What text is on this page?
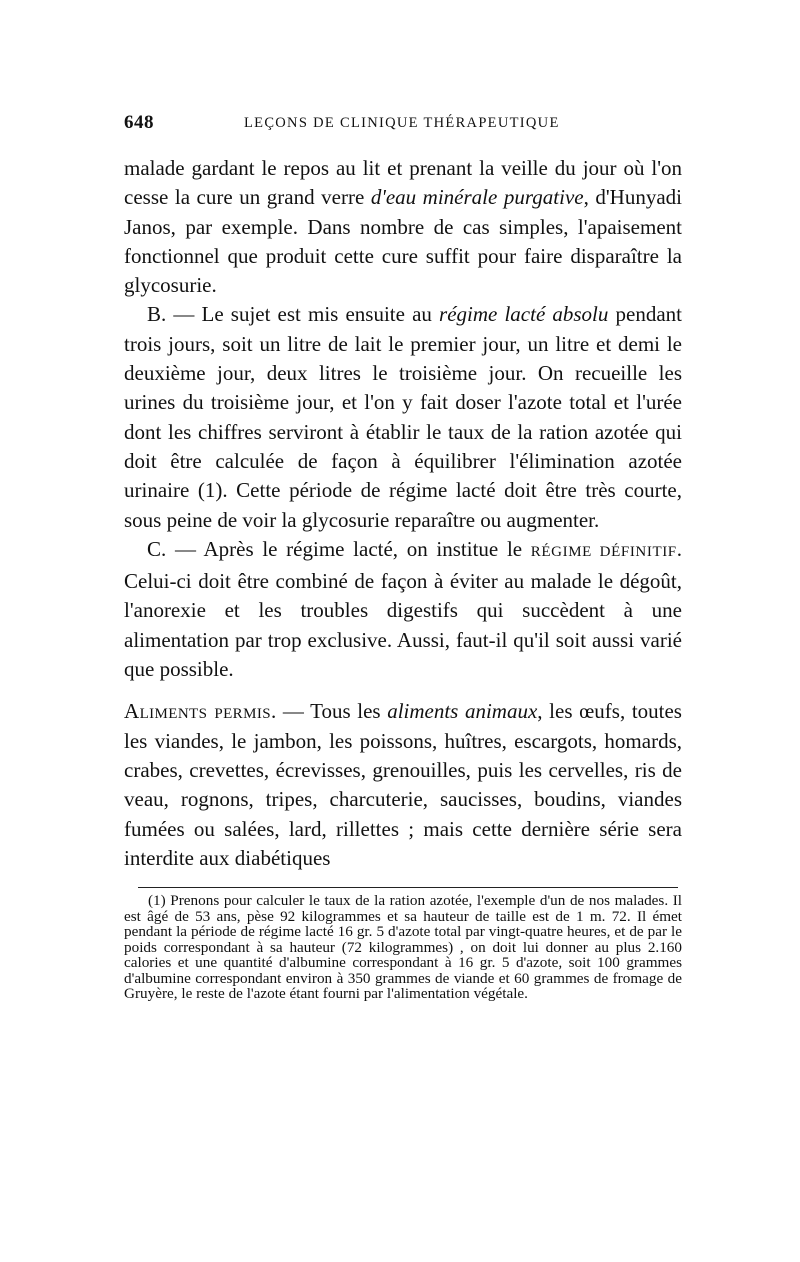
648	LEÇONS DE CLINIQUE THÉRAPEUTIQUE

malade gardant le repos au lit et prenant la veille du jour où l'on cesse la cure un grand verre d'eau minérale purgative, d'Hunyadi Janos, par exemple. Dans nombre de cas simples, l'apaisement fonctionnel que produit cette cure suffit pour faire disparaître la glycosurie.

B. — Le sujet est mis ensuite au régime lacté absolu pendant trois jours, soit un litre de lait le premier jour, un litre et demi le deuxième jour, deux litres le troisième jour. On recueille les urines du troisième jour, et l'on y fait doser l'azote total et l'urée dont les chiffres serviront à établir le taux de la ration azotée qui doit être calculée de façon à équilibrer l'élimination azotée urinaire (1). Cette période de régime lacté doit être très courte, sous peine de voir la glycosurie reparaître ou augmenter.

C. — Après le régime lacté, on institue le RÉGIME DÉFINITIF. Celui-ci doit être combiné de façon à éviter au malade le dégoût, l'anorexie et les troubles digestifs qui succèdent à une alimentation par trop exclusive. Aussi, faut-il qu'il soit aussi varié que possible.

Aliments permis. — Tous les aliments animaux, les œufs, toutes les viandes, le jambon, les poissons, huîtres, escargots, homards, crabes, crevettes, écrevisses, grenouilles, puis les cervelles, ris de veau, rognons, tripes, charcuterie, saucisses, boudins, viandes fumées ou salées, lard, rillettes ; mais cette dernière série sera interdite aux diabétiques

(1) Prenons pour calculer le taux de la ration azotée, l'exemple d'un de nos malades. Il est âgé de 53 ans, pèse 92 kilogrammes et sa hauteur de taille est de 1 m. 72. Il émet pendant la période de régime lacté 16 gr. 5 d'azote total par vingt-quatre heures, et de par le poids correspondant à sa hauteur (72 kilogrammes) , on doit lui donner au plus 2.160 calories et une quantité d'albumine correspondant à 16 gr. 5 d'azote, soit 100 grammes d'albumine correspondant environ à 350 grammes de viande et 60 grammes de fromage de Gruyère, le reste de l'azote étant fourni par l'alimentation végétale.
